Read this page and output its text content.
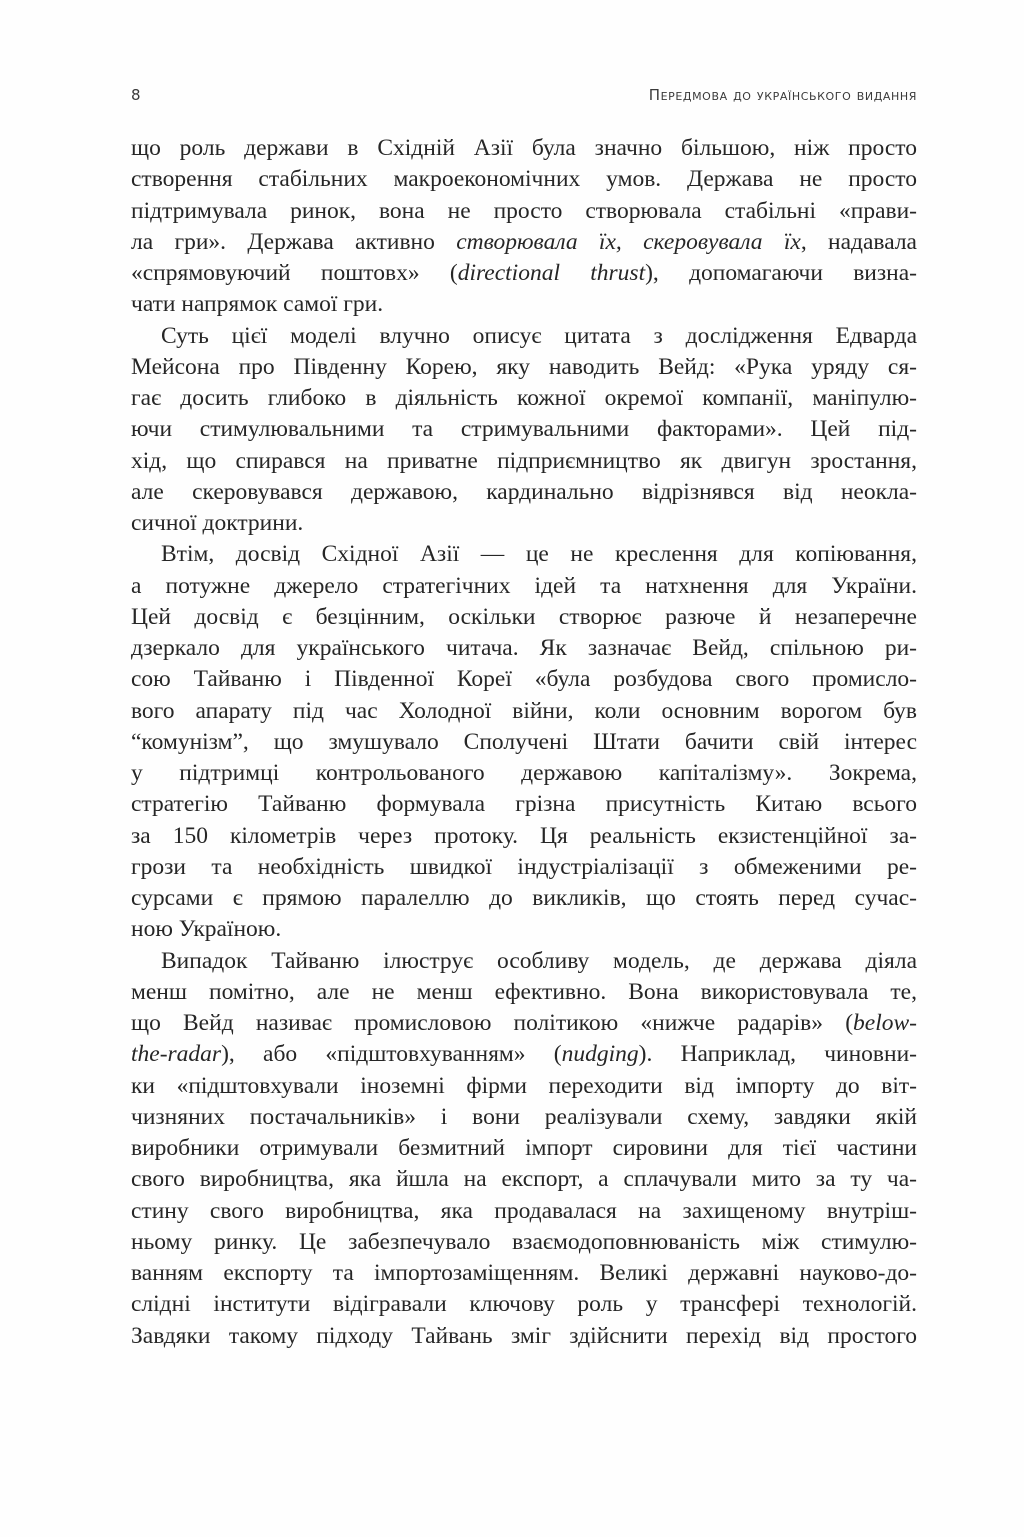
8	Передмова до українського видання
що роль держави в Східній Азії була значно більшою, ніж просто
створення стабільних макроекономічних умов. Держава не просто
підтримувала ринок, вона не просто створювала стабільні «прави-
ла гри». Держава активно створювала їх, скеровувала їх, надавала
«спрямовуючий поштовх» (directional thrust), допомагаючи визна-
чати напрямок самої гри.
Суть цієї моделі влучно описує цитата з дослідження Едварда
Мейсона про Південну Корею, яку наводить Вейд: «Рука уряду ся-
гає досить глибоко в діяльність кожної окремої компанії, маніпулю-
ючи стимулювальними та стримувальними факторами». Цей під-
хід, що спирався на приватне підприємництво як двигун зростання,
але скеровувався державою, кардинально відрізнявся від неокла-
сичної доктрини.
Втім, досвід Східної Азії — це не креслення для копіювання,
а потужне джерело стратегічних ідей та натхнення для України.
Цей досвід є безцінним, оскільки створює разюче й незаперечне
дзеркало для українського читача. Як зазначає Вейд, спільною ри-
сою Тайваню і Південної Кореї «була розбудова свого промисло-
вого апарату під час Холодної війни, коли основним ворогом був
“комунізм”, що змушувало Сполучені Штати бачити свій інтерес
у підтримці контрольованого державою капіталізму». Зокрема,
стратегію Тайваню формувала грізна присутність Китаю всього
за 150 кілометрів через протоку. Ця реальність екзистенційної за-
грози та необхідність швидкої індустріалізації з обмеженими ре-
сурсами є прямою паралеллю до викликів, що стоять перед сучас-
ною Україною.
Випадок Тайваню ілюструє особливу модель, де держава діяла
менш помітно, але не менш ефективно. Вона використовувала те,
що Вейд називає промисловою політикою «нижче радарів» (below-
the-radar), або «підштовхуванням» (nudging). Наприклад, чиновни-
ки «підштовхували іноземні фірми переходити від імпорту до віт-
чизняних постачальників» і вони реалізували схему, завдяки якій
виробники отримували безмитний імпорт сировини для тієї частини
свого виробництва, яка йшла на експорт, а сплачували мито за ту ча-
стину свого виробництва, яка продавалася на захищеному внутріш-
ньому ринку. Це забезпечувало взаємодоповнюваність між стимулю-
ванням експорту та імпортозаміщенням. Великі державні науково-до-
слідні інститути відігравали ключову роль у трансфері технологій.
Завдяки такому підходу Тайвань зміг здійснити перехід від простого
